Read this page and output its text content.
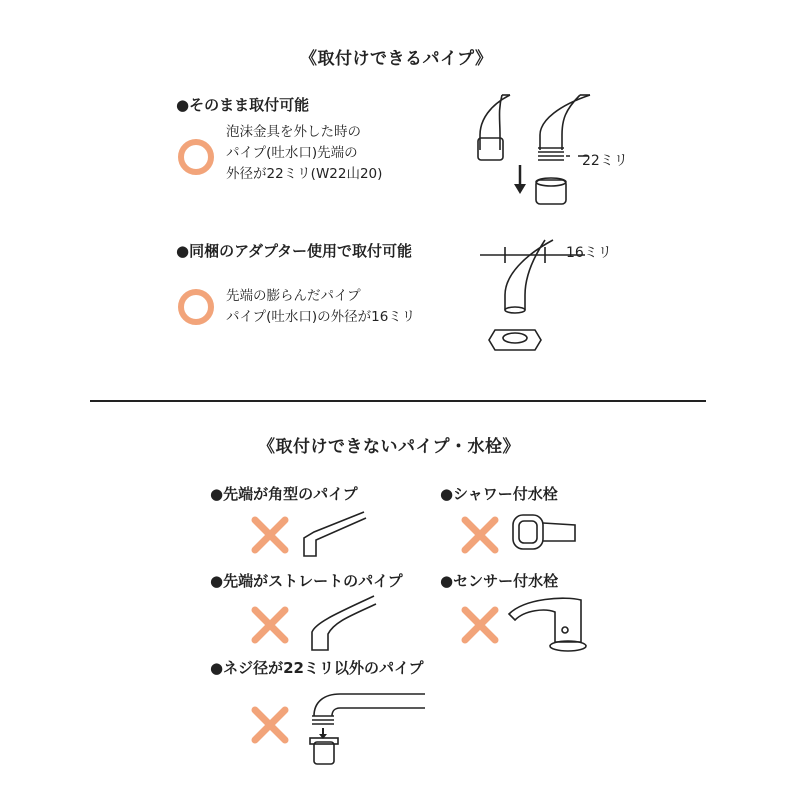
《取付けできるパイプ》
●そのまま取付可能
泡沫金具を外した時の
パイプ(吐水口)先端の
外径が22ミリ(W22山20)
22ミリ
●同梱のアダプター使用で取付可能
先端の膨らんだパイプ
パイプ(吐水口)の外径が16ミリ
16ミリ
《取付けできないパイプ・水栓》
●先端が角型のパイプ	●シャワー付水栓
●先端がストレートのパイプ ●センサー付水栓
●ネジ径が22ミリ以外のパイプ
